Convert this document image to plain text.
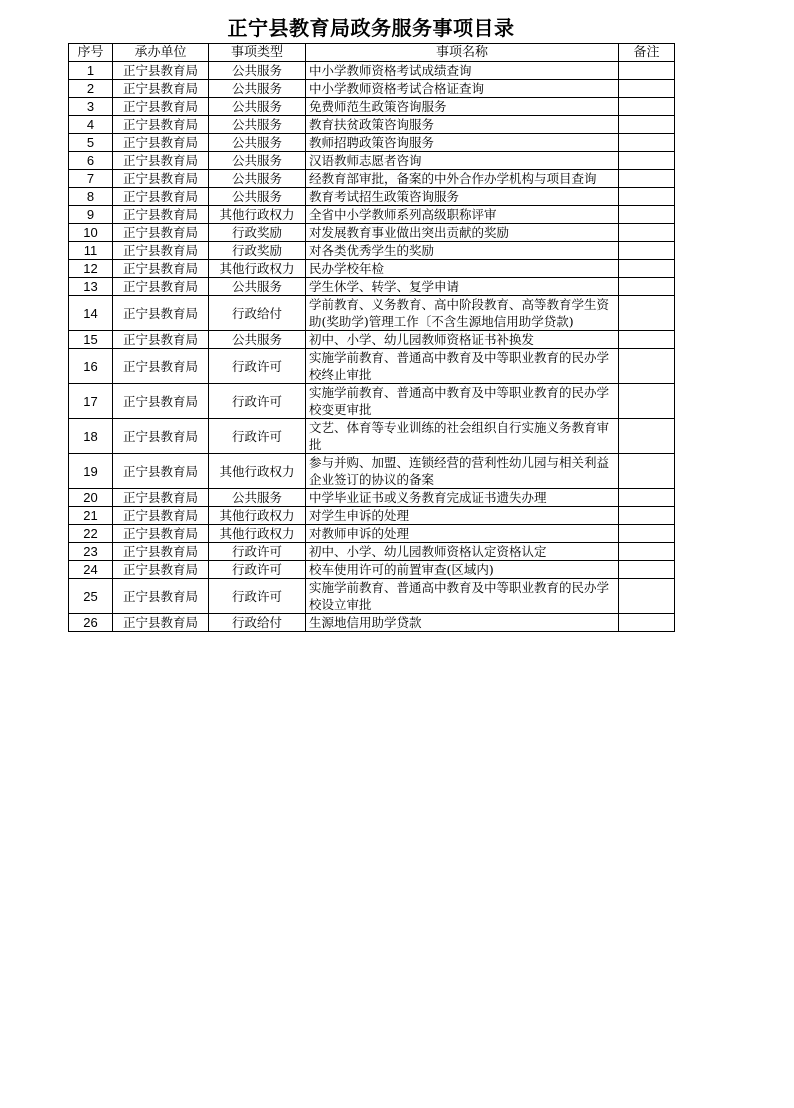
正宁县教育局政务服务事项目录
序号	承办单位	事项类型	事项名称	备注
1	正宁县教育局	公共服务	中小学教师资格考试成绩查询	
2	正宁县教育局	公共服务	中小学教师资格考试合格证查询	
3	正宁县教育局	公共服务	免费师范生政策咨询服务	
4	正宁县教育局	公共服务	教育扶贫政策咨询服务	
5	正宁县教育局	公共服务	教师招聘政策咨询服务	
6	正宁县教育局	公共服务	汉语教师志愿者咨询	
7	正宁县教育局	公共服务	经教育部审批，备案的中外合作办学机构与项目查询	
8	正宁县教育局	公共服务	教育考试招生政策咨询服务	
9	正宁县教育局	其他行政权力	全省中小学教师系列高级职称评审	
10	正宁县教育局	行政奖励	对发展教育事业做出突出贡献的奖励	
11	正宁县教育局	行政奖励	对各类优秀学生的奖励	
12	正宁县教育局	其他行政权力	民办学校年检	
13	正宁县教育局	公共服务	学生休学、转学、复学申请	
14	正宁县教育局	行政给付	学前教育、义务教育、高中阶段教育、高等教育学生资助(奖助学)管理工作〔不含生源地信用助学贷款)	
15	正宁县教育局	公共服务	初中、小学、幼儿园教师资格证书补换发	
16	正宁县教育局	行政许可	实施学前教育、普通高中教育及中等职业教育的民办学校终止审批	
17	正宁县教育局	行政许可	实施学前教育、普通高中教育及中等职业教育的民办学校变更审批	
18	正宁县教育局	行政许可	文艺、体育等专业训练的社会组织自行实施义务教育审批	
19	正宁县教育局	其他行政权力	参与并购、加盟、连锁经营的营利性幼儿园与相关利益企业签订的协议的备案	
20	正宁县教育局	公共服务	中学毕业证书或义务教育完成证书遗失办理	
21	正宁县教育局	其他行政权力	对学生申诉的处理	
22	正宁县教育局	其他行政权力	对教师申诉的处理	
23	正宁县教育局	行政许可	初中、小学、幼儿园教师资格认定资格认定	
24	正宁县教育局	行政许可	校车使用许可的前置审查(区域内)	
25	正宁县教育局	行政许可	实施学前教育、普通高中教育及中等职业教育的民办学校设立审批	
26	正宁县教育局	行政给付	生源地信用助学贷款	
